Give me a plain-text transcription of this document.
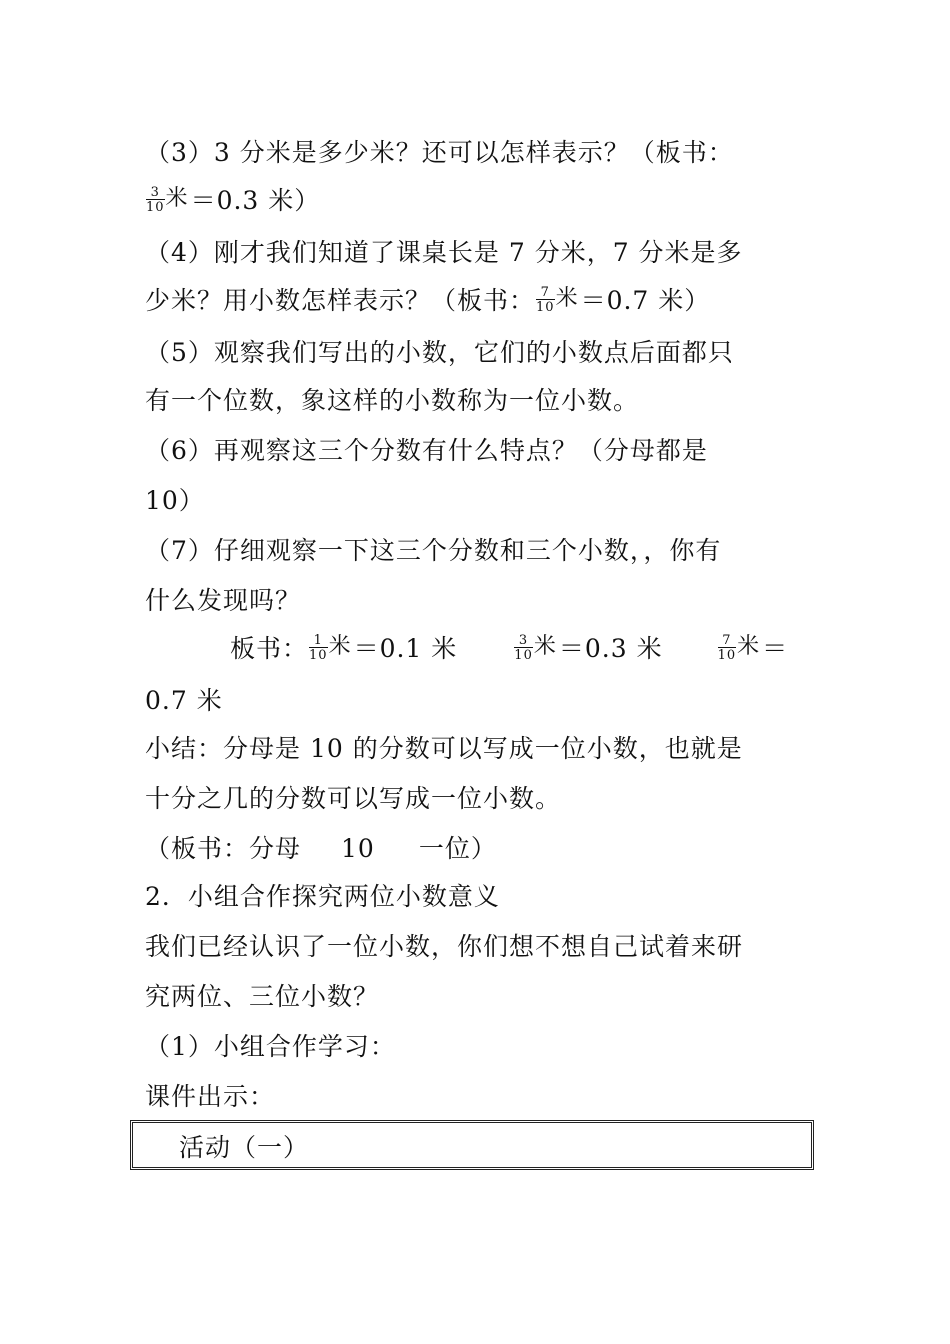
（3）3 分米是多少米？还可以怎样表示？（板书：
$\frac{3}{10}$ 米＝0.3 米）
（4）刚才我们知道了课桌长是 7 分米，7 分米是多
少米？用小数怎样表示？（板书： $\frac{7}{10}$ 米＝0.7 米）
（5）观察我们写出的小数，它们的小数点后面都只
有一个位数，象这样的小数称为一位小数。
（6）再观察这三个分数有什么特点？（分母都是
10）
（7）仔细观察一下这三个分数和三个小数，，你有
什么发现吗？
板书： $\frac{1}{10}$ 米＝0.1 米	$\frac{3}{10}$ 米＝0.3 米	$\frac{7}{10}$ 米＝
0.7 米
小结：分母是 10 的分数可以写成一位小数，也就是
十分之几的分数可以写成一位小数。
（板书：分母 10 一位）
2．小组合作探究两位小数意义
我们已经认识了一位小数，你们想不想自己试着来研
究两位、三位小数？
（1）小组合作学习：
课件出示：
活动（一）
